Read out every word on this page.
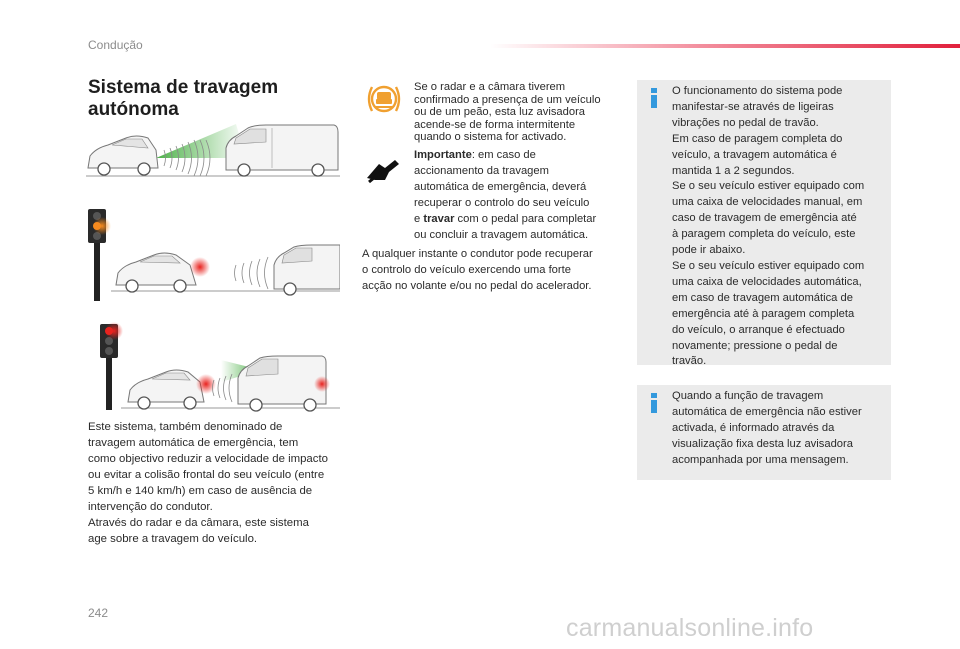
Condução
Sistema de travagem
autónoma
Este sistema, também denominado de
travagem automática de emergência, tem
como objectivo reduzir a velocidade de impacto
ou evitar a colisão frontal do seu veículo (entre
5 km/h e 140 km/h) em caso de ausência de
intervenção do condutor.
Através do radar e da câmara, este sistema
age sobre a travagem do veículo.
Se o radar e a câmara tiverem
confirmado a presença de um veículo
ou de um peão, esta luz avisadora
acende-se de forma intermitente
quando o sistema for activado.
Importante: em caso de
accionamento da travagem
automática de emergência, deverá
recuperar o controlo do seu veículo
e travar com o pedal para completar
ou concluir a travagem automática.
A qualquer instante o condutor pode recuperar
o controlo do veículo exercendo uma forte
acção no volante e/ou no pedal do acelerador.
O funcionamento do sistema pode
manifestar-se através de ligeiras
vibrações no pedal de travão.
Em caso de paragem completa do
veículo, a travagem automática é
mantida 1 a 2 segundos.
Se o seu veículo estiver equipado com
uma caixa de velocidades manual, em
caso de travagem de emergência até
à paragem completa do veículo, este
pode ir abaixo.
Se o seu veículo estiver equipado com
uma caixa de velocidades automática,
em caso de travagem automática de
emergência até à paragem completa
do veículo, o arranque é efectuado
novamente; pressione o pedal de
travão.
Quando a função de travagem
automática de emergência não estiver
activada, é informado através da
visualização fixa desta luz avisadora
acompanhada por uma mensagem.
242
carmanualsonline.info
